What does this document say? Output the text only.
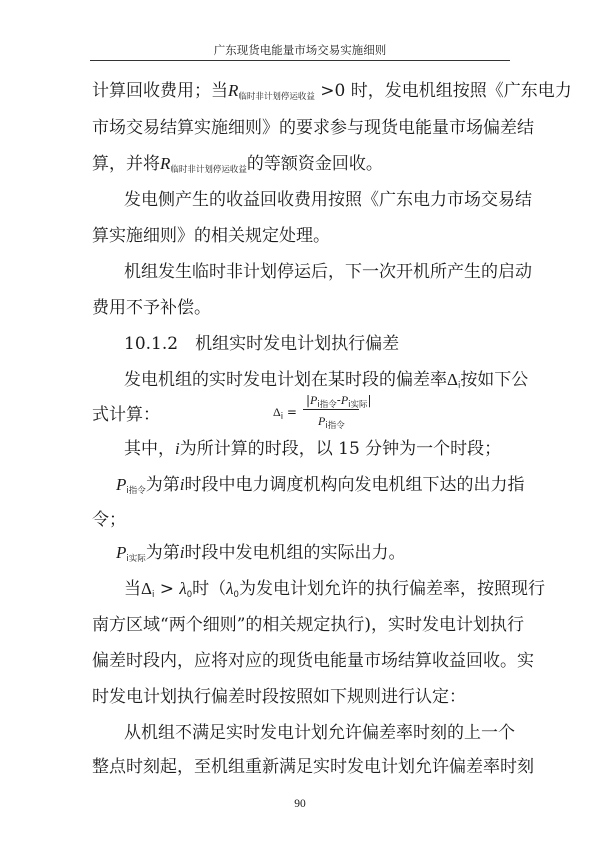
广东现货电能量市场交易实施细则
计算回收费用；当$R_{临时非计划停运收益} >0$ 时，发电机组按照《广东电力
市场交易结算实施细则》的要求参与现货电能量市场偏差结
算，并将$R_{临时非计划停运收益}$的等额资金回收。
发电侧产生的收益回收费用按照《广东电力市场交易结
算实施细则》的相关规定处理。
机组发生临时非计划停运后，下一次开机所产生的启动
费用不予补偿。
10.1.2　机组实时发电计划执行偏差
发电机组的实时发电计划在某时段的偏差率$\Delta_i$按如下公
式计算：	$\Delta_i$ =
$|P_{i指令}-P_{i实际}|$
$P_{i指令}$
其中，i为所计算的时段，以 15 分钟为一个时段；
$P_{i指令}$为第i时段中电力调度机构向发电机组下达的出力指
令；
$P_{i实际}$为第i时段中发电机组的实际出力。
当$\Delta_i > \lambda_0$时（$\lambda_0$为发电计划允许的执行偏差率，按照现行
南方区域“两个细则”的相关规定执行)，实时发电计划执行
偏差时段内，应将对应的现货电能量市场结算收益回收。实
时发电计划执行偏差时段按照如下规则进行认定：
从机组不满足实时发电计划允许偏差率时刻的上一个
整点时刻起，至机组重新满足实时发电计划允许偏差率时刻
90
